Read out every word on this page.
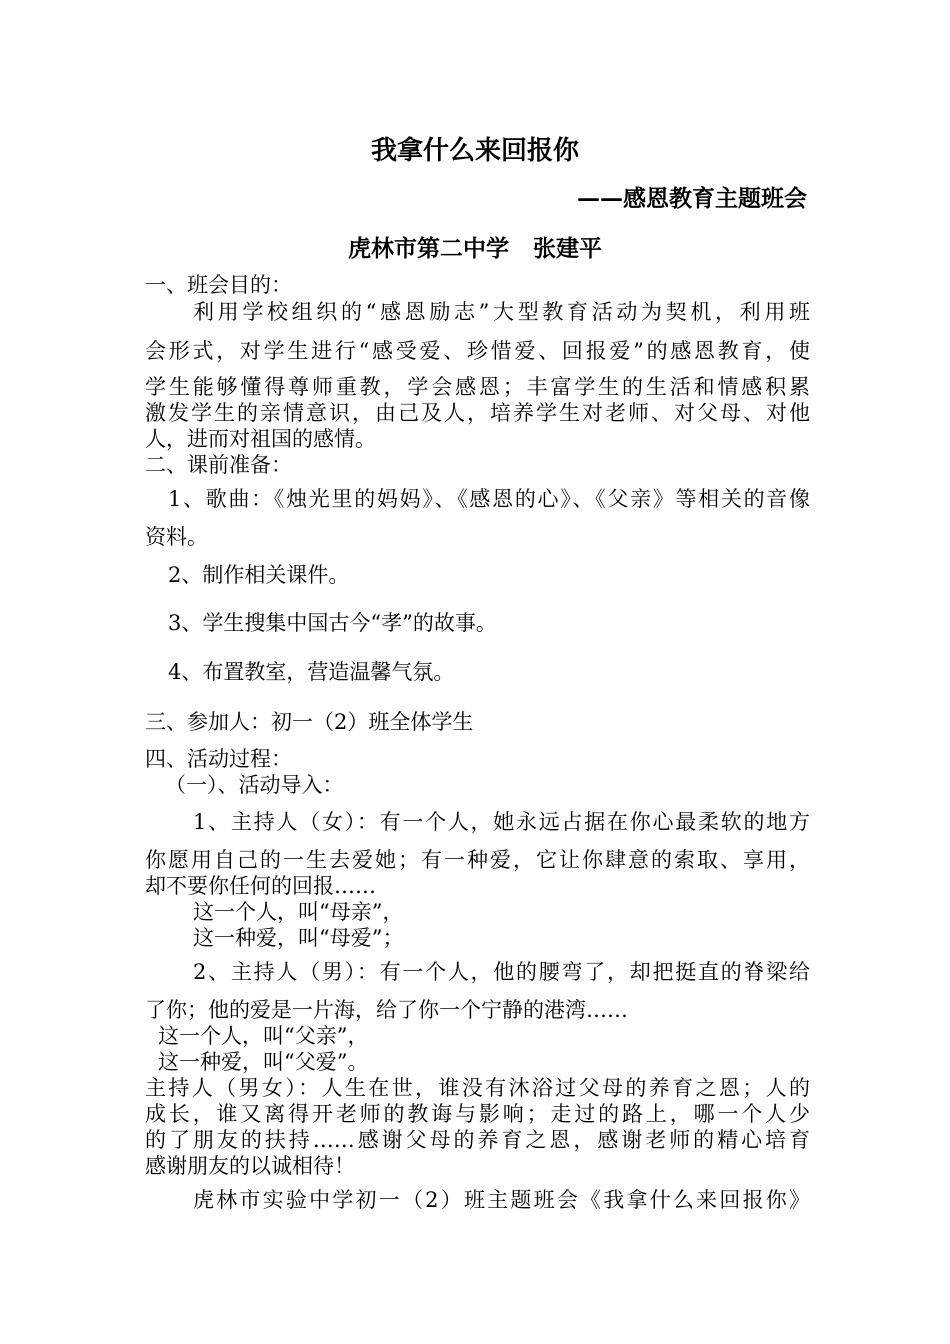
我拿什么来回报你
——感恩教育主题班会
虎林市第二中学 张建平
一、班会目的：
利用学校组织的“感恩励志”大型教育活动为契机，利用班
会形式，对学生进行“感受爱、珍惜爱、回报爱”的感恩教育，使
学生能够懂得尊师重教，学会感恩；丰富学生的生活和情感积累
激发学生的亲情意识，由己及人，培养学生对老师、对父母、对他
人，进而对祖国的感情。
二、课前准备：
1、歌曲：《烛光里的妈妈》、《感恩的心》、《父亲》等相关的音像
资料。
2、制作相关课件。
3、学生搜集中国古今“孝”的故事。
4、布置教室，营造温馨气氛。
三、参加人：初一（2）班全体学生
四、活动过程：
（一）、活动导入：
1、主持人（女）：有一个人，她永远占据在你心最柔软的地方
你愿用自己的一生去爱她；有一种爱，它让你肆意的索取、享用，
却不要你任何的回报……
这一个人，叫“母亲”，
这一种爱，叫“母爱”；
2、主持人（男）：有一个人，他的腰弯了，却把挺直的脊梁给
了你；他的爱是一片海，给了你一个宁静的港湾……
这一个人，叫“父亲”，
这一种爱，叫“父爱”。
主持人（男女）：人生在世，谁没有沐浴过父母的养育之恩；人的
成长，谁又离得开老师的教诲与影响；走过的路上，哪一个人少
的了朋友的扶持……感谢父母的养育之恩，感谢老师的精心培育
感谢朋友的以诚相待！
虎林市实验中学初一（2）班主题班会《我拿什么来回报你》
